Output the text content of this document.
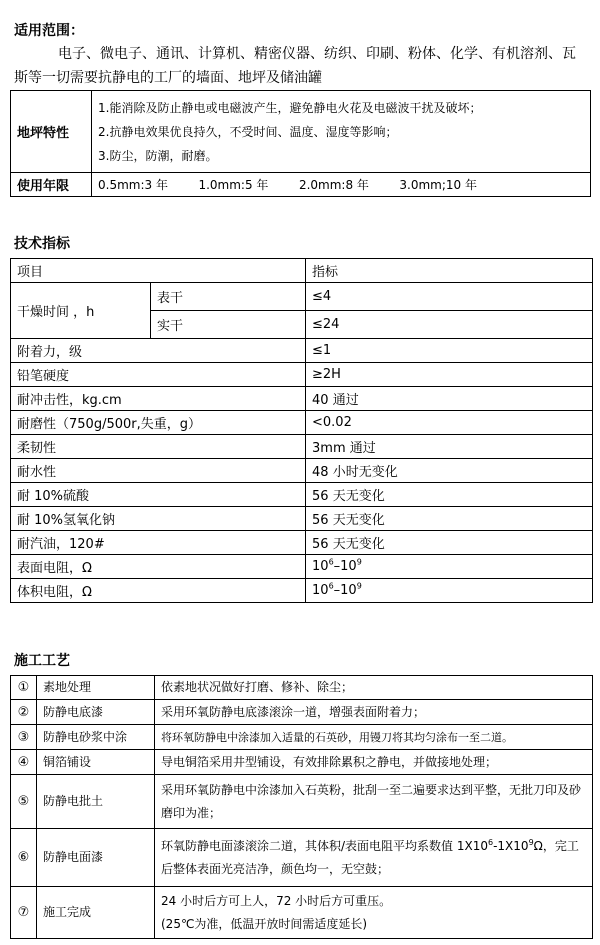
适用范围：
电子、微电子、通讯、计算机、精密仪器、纺织、印刷、粉体、化学、有机溶剂、瓦斯等一切需要抗静电的工厂的墙面、地坪及储油罐
地坪特性	1.能消除及防止静电或电磁波产生，避免静电火花及电磁波干扰及破坏；
2.抗静电效果优良持久，不受时间、温度、湿度等影响；
3.防尘，防潮，耐磨。

使用年限	0.5mm:3 年        1.0mm:5 年        2.0mm:8 年        3.0mm;10 年
技术指标
项目		指标
干燥时间 ，h	表干	≤4
	实干	≤24
附着力，级		≤1
铅笔硬度		≥2H
耐冲击性，kg.cm		40 通过
耐磨性（750g/500r,失重，g）		<0.02
柔韧性		3mm 通过
耐水性		48 小时无变化
耐 10%硫酸		56 天无变化
耐 10%氢氧化钠		56 天无变化
耐汽油，120#		56 天无变化
表面电阻，Ω		$10^6-10^9$
体积电阻，Ω		$10^6-10^9$
施工工艺
①	素地处理	依素地状况做好打磨、修补、除尘；
②	防静电底漆	采用环氧防静电底漆滚涂一道，增强表面附着力；
③	防静电砂浆中涂	将环氧防静电中涂漆加入适量的石英砂，用镘刀将其均匀涂布一至二道。
④	铜箔铺设	导电铜箔采用井型铺设，有效排除累积之静电，并做接地处理；
⑤	防静电批土	采用环氧防静电中涂漆加入石英粉，批刮一至二遍要求达到平整，无批刀印及砂磨印为准；
⑥	防静电面漆	环氧防静电面漆滚涂二道，其体积/表面电阻平均系数值 $1X10^6-1X10^9\Omega$，完工后整体表面光亮洁净，颜色均一，无空鼓；
⑦	施工完成	24 小时后方可上人，72 小时后方可重压。
(25℃为准，低温开放时间需适度延长)
